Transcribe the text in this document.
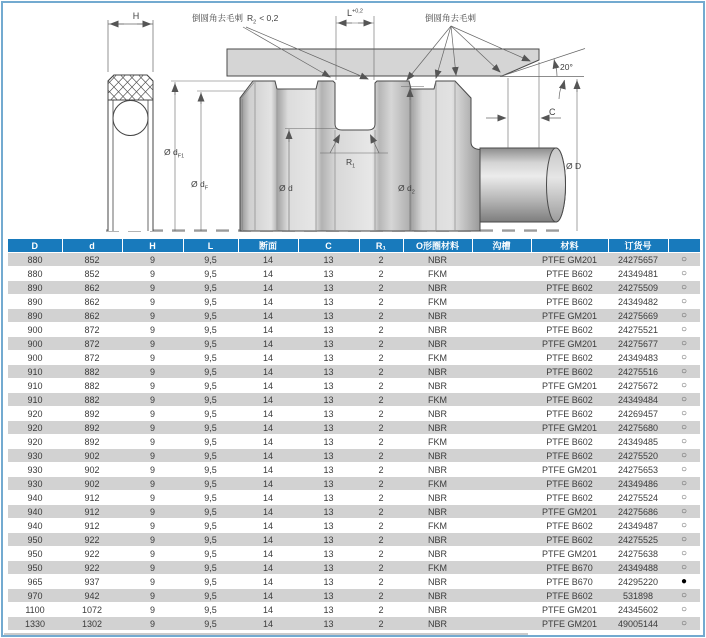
H
20°
$L^{+0,2}$
倒圆角去毛刺 $R_2 < 0,2$	倒圆角去毛刺
$R_1$
Ø $d_{F1}$
Ø $d_F$	Ø d	Ø $d_2$
Ø D
C
D	d	H	L	断面	C	R₁	O形圈材料	沟槽	材料	订货号	
880	852	9	9,5	14	13	2	NBR		PTFE GM201	24275657	○
880	852	9	9,5	14	13	2	FKM		PTFE B602	24349481	○
890	862	9	9,5	14	13	2	NBR		PTFE B602	24275509	○
890	862	9	9,5	14	13	2	FKM		PTFE B602	24349482	○
890	862	9	9,5	14	13	2	NBR		PTFE GM201	24275669	○
900	872	9	9,5	14	13	2	NBR		PTFE B602	24275521	○
900	872	9	9,5	14	13	2	NBR		PTFE GM201	24275677	○
900	872	9	9,5	14	13	2	FKM		PTFE B602	24349483	○
910	882	9	9,5	14	13	2	NBR		PTFE B602	24275516	○
910	882	9	9,5	14	13	2	NBR		PTFE GM201	24275672	○
910	882	9	9,5	14	13	2	FKM		PTFE B602	24349484	○
920	892	9	9,5	14	13	2	NBR		PTFE B602	24269457	○
920	892	9	9,5	14	13	2	NBR		PTFE GM201	24275680	○
920	892	9	9,5	14	13	2	FKM		PTFE B602	24349485	○
930	902	9	9,5	14	13	2	NBR		PTFE B602	24275520	○
930	902	9	9,5	14	13	2	NBR		PTFE GM201	24275653	○
930	902	9	9,5	14	13	2	FKM		PTFE B602	24349486	○
940	912	9	9,5	14	13	2	NBR		PTFE B602	24275524	○
940	912	9	9,5	14	13	2	NBR		PTFE GM201	24275686	○
940	912	9	9,5	14	13	2	FKM		PTFE B602	24349487	○
950	922	9	9,5	14	13	2	NBR		PTFE B602	24275525	○
950	922	9	9,5	14	13	2	NBR		PTFE GM201	24275638	○
950	922	9	9,5	14	13	2	FKM		PTFE B670	24349488	○
965	937	9	9,5	14	13	2	NBR		PTFE B670	24295220	●
970	942	9	9,5	14	13	2	NBR		PTFE B602	531898	○
1100	1072	9	9,5	14	13	2	NBR		PTFE GM201	24345602	○
1330	1302	9	9,5	14	13	2	NBR		PTFE GM201	49005144	○
